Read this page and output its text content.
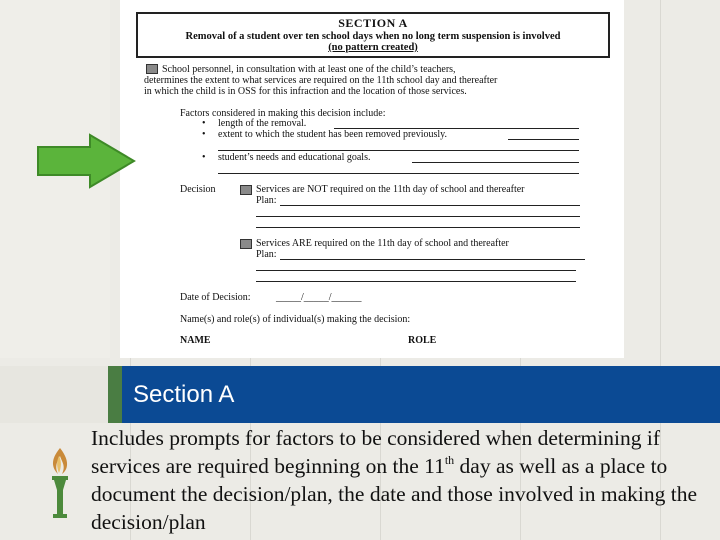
SECTION A
Removal of a student over ten school days when no long term suspension is involved
(no pattern created)
School personnel, in consultation with at least one of the child’s teachers,
determines the extent to what services are required on the 11th school day and thereafter
in which the child is in OSS for this infraction and the location of those services.
Factors considered in making this decision include:
• length of the removal.
• extent to which the student has been removed previously.
• student’s needs and educational goals.
Decision	Services are NOT required on the 11th day of school and thereafter
Plan:
Services ARE required on the 11th day of school and thereafter
Plan:
Date of Decision:	_____/_____/______
Name(s) and role(s) of individual(s) making the decision:
NAME	ROLE
Section A
Includes prompts for factors to be considered when determining if services are required beginning on the 11th day as well as a place to document the decision/plan, the date and those involved in making the decision/plan
